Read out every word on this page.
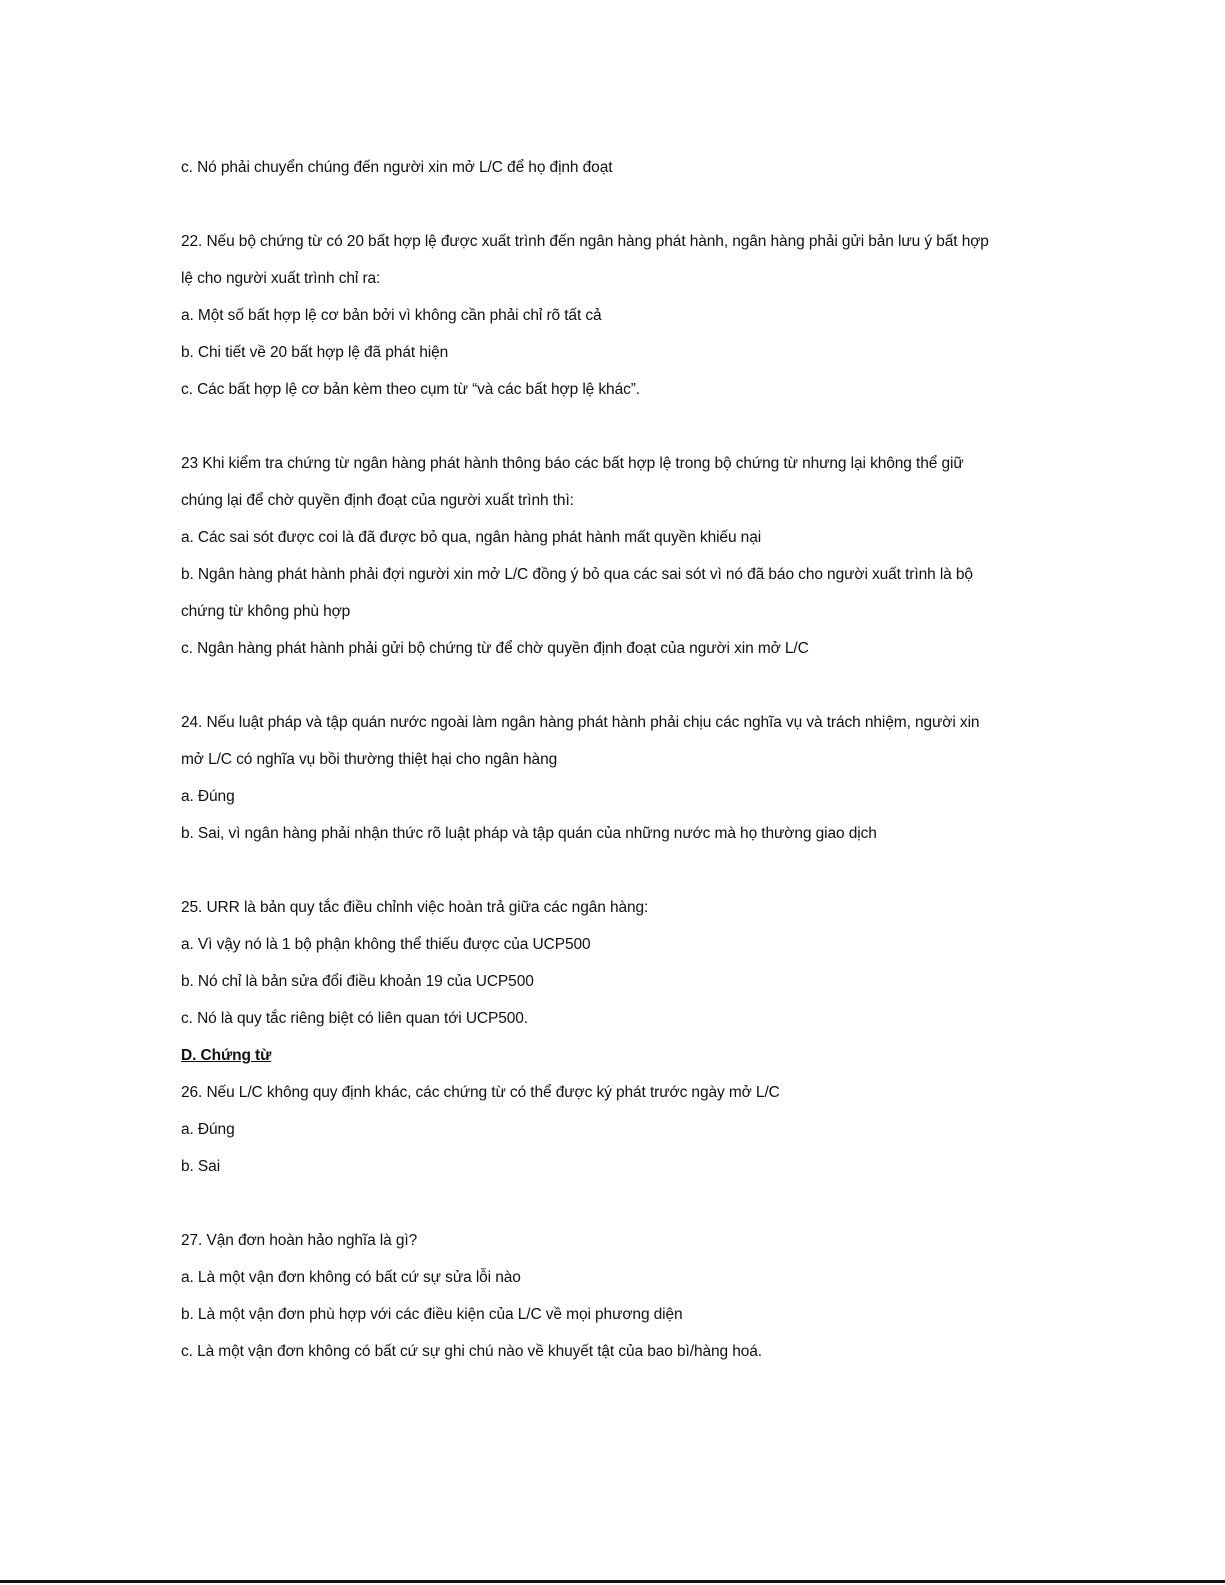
c. Nó phải chuyển chúng đến người xin mở L/C để họ định đoạt
22. Nếu bộ chứng từ có 20 bất hợp lệ được xuất trình đến ngân hàng phát hành, ngân hàng phải gửi bản lưu ý bất hợp
lệ cho người xuất trình chỉ ra:
a. Một số bất hợp lệ cơ bản bởi vì không cần phải chỉ rõ tất cả
b. Chi tiết về 20 bất hợp lệ đã phát hiện
c. Các bất hợp lệ cơ bản kèm theo cụm từ “và các bất hợp lệ khác”.
23 Khi kiểm tra chứng từ ngân hàng phát hành thông báo các bất hợp lệ trong bộ chứng từ nhưng lại không thể giữ
chúng lại để chờ quyền định đoạt của người xuất trình thì:
a. Các sai sót được coi là đã được bỏ qua, ngân hàng phát hành mất quyền khiếu nại
b. Ngân hàng phát hành phải đợi người xin mở L/C đồng ý bỏ qua các sai sót vì nó đã báo cho người xuất trình là bộ
chứng từ không phù hợp
c. Ngân hàng phát hành phải gửi bộ chứng từ để chờ quyền định đoạt của người xin mở L/C
24. Nếu luật pháp và tập quán nước ngoài làm ngân hàng phát hành phải chịu các nghĩa vụ và trách nhiệm, người xin
mở L/C có nghĩa vụ bồi thường thiệt hại cho ngân hàng
a. Đúng
b. Sai, vì ngân hàng phải nhận thức rõ luật pháp và tập quán của những nước mà họ thường giao dịch
25. URR là bản quy tắc điều chỉnh việc hoàn trả giữa các ngân hàng:
a. Vì vậy nó là 1 bộ phận không thể thiếu được của UCP500
b. Nó chỉ là bản sửa đổi điều khoản 19 của UCP500
c. Nó là quy tắc riêng biệt có liên quan tới UCP500.
D. Chứng từ
26. Nếu L/C không quy định khác, các chứng từ có thể được ký phát trước ngày mở L/C
a. Đúng
b. Sai
27. Vận đơn hoàn hảo nghĩa là gì?
a. Là một vận đơn không có bất cứ sự sửa lỗi nào
b. Là một vận đơn phù hợp với các điều kiện của L/C về mọi phương diện
c. Là một vận đơn không có bất cứ sự ghi chú nào về khuyết tật của bao bì/hàng hoá.
